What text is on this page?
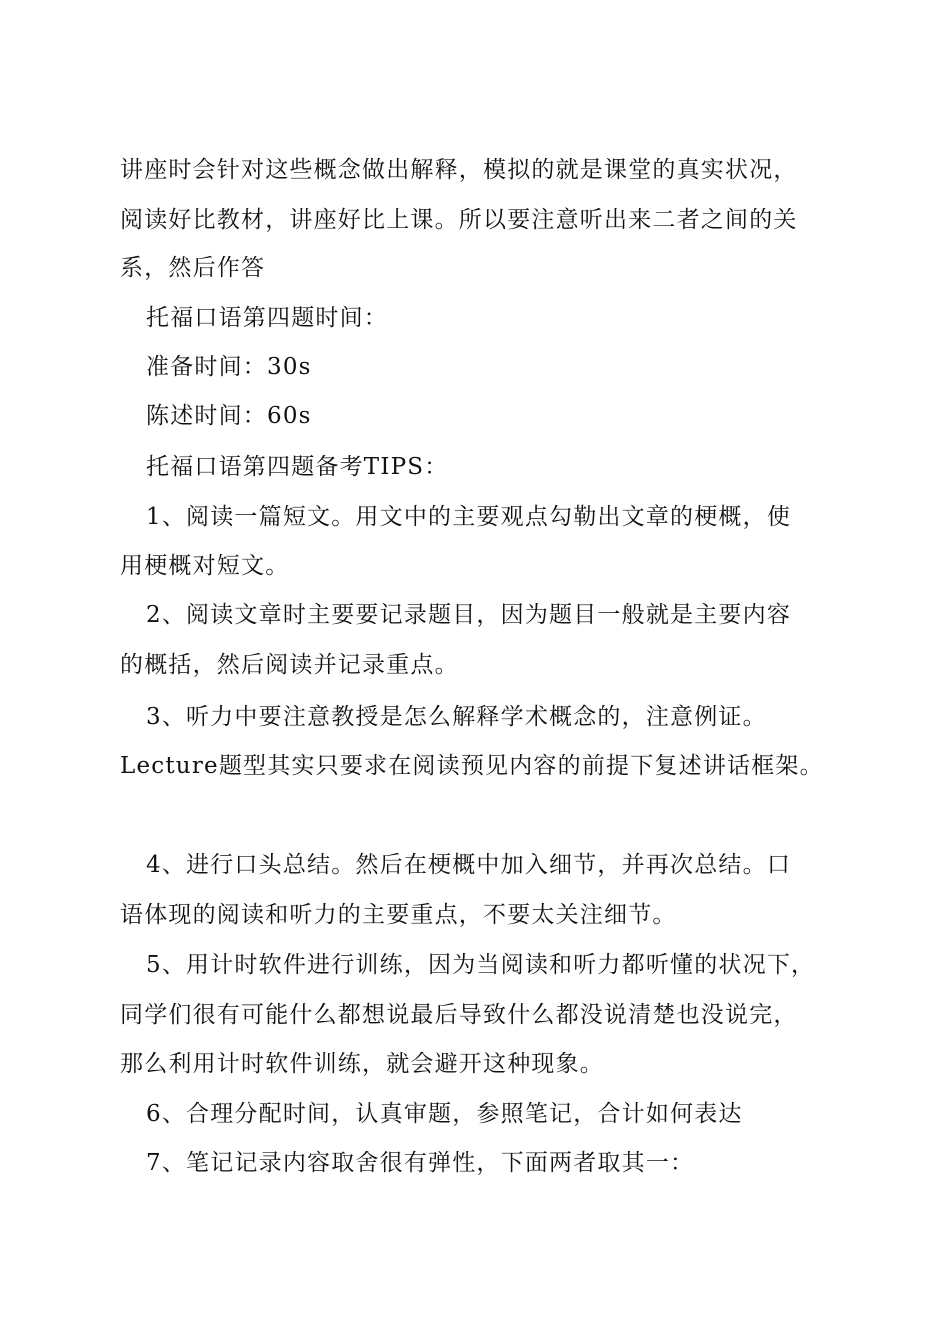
讲座时会针对这些概念做出解释，模拟的就是课堂的真实状况，
阅读好比教材，讲座好比上课。所以要注意听出来二者之间的关
系，然后作答
托福口语第四题时间：
准备时间：30s
陈述时间：60s
托福口语第四题备考TIPS：
1、阅读一篇短文。用文中的主要观点勾勒出文章的梗概，使
用梗概对短文。
2、阅读文章时主要要记录题目，因为题目一般就是主要内容
的概括，然后阅读并记录重点。
3、听力中要注意教授是怎么解释学术概念的，注意例证。
Lecture题型其实只要求在阅读预见内容的前提下复述讲话框架。
4、进行口头总结。然后在梗概中加入细节，并再次总结。口
语体现的阅读和听力的主要重点，不要太关注细节。
5、用计时软件进行训练，因为当阅读和听力都听懂的状况下，
同学们很有可能什么都想说最后导致什么都没说清楚也没说完，
那么利用计时软件训练，就会避开这种现象。
6、合理分配时间，认真审题，参照笔记，合计如何表达
7、笔记记录内容取舍很有弹性，下面两者取其一：
